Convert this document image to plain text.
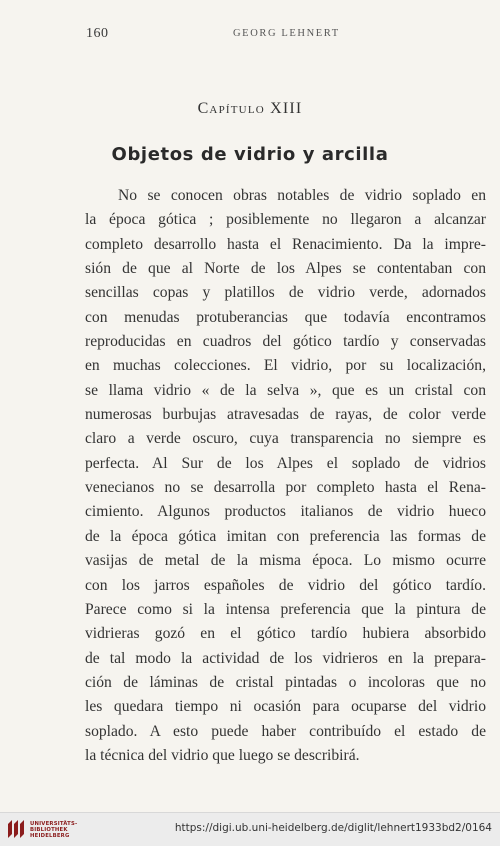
160	GEORG LEHNERT
Capítulo XIII
Objetos de vidrio y arcilla
No se conocen obras notables de vidrio soplado en
la época gótica ; posiblemente no llegaron a alcanzar
completo desarrollo hasta el Renacimiento. Da la impre-
sión de que al Norte de los Alpes se contentaban con
sencillas copas y platillos de vidrio verde, adornados
con menudas protuberancias que todavía encontramos
reproducidas en cuadros del gótico tardío y conservadas
en muchas colecciones. El vidrio, por su localización,
se llama vidrio « de la selva », que es un cristal con
numerosas burbujas atravesadas de rayas, de color verde
claro a verde oscuro, cuya transparencia no siempre es
perfecta. Al Sur de los Alpes el soplado de vidrios
venecianos no se desarrolla por completo hasta el Rena-
cimiento. Algunos productos italianos de vidrio hueco
de la época gótica imitan con preferencia las formas de
vasijas de metal de la misma época. Lo mismo ocurre
con los jarros españoles de vidrio del gótico tardío.
Parece como si la intensa preferencia que la pintura de
vidrieras gozó en el gótico tardío hubiera absorbido
de tal modo la actividad de los vidrieros en la prepara-
ción de láminas de cristal pintadas o incoloras que no
les quedara tiempo ni ocasión para ocuparse del vidrio
soplado. A esto puede haber contribuído el estado de
la técnica del vidrio que luego se describirá.
UNIVERSITÄTS-
BIBLIOTHEK
HEIDELBERG
https://digi.ub.uni-heidelberg.de/diglit/lehnert1933bd2/0164
